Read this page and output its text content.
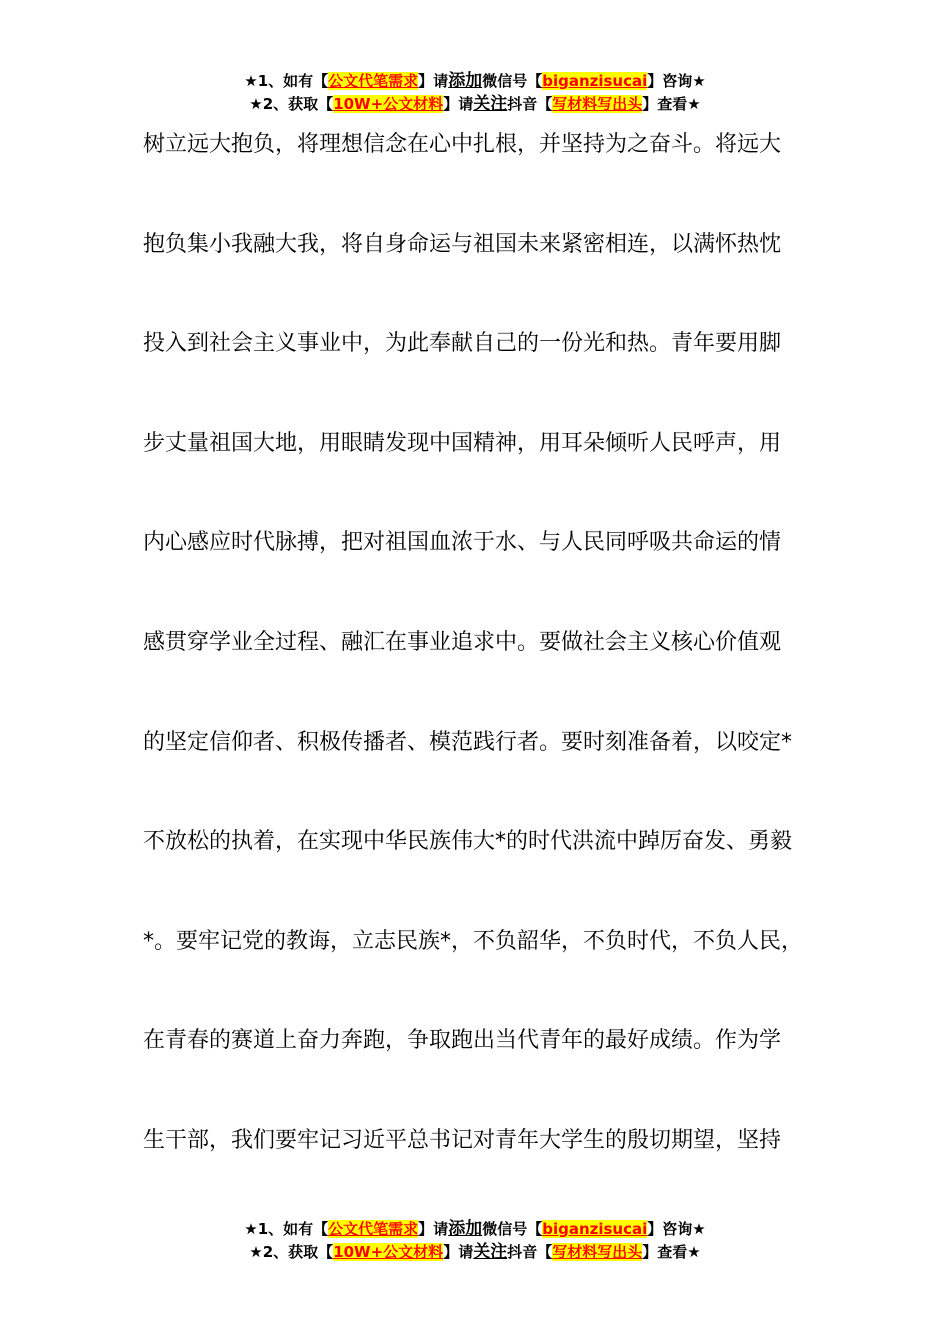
★1、如有【公文代笔需求】请添加微信号【biganzisucai】咨询★
★2、获取【10W+公文材料】请关注抖音【写材料写出头】查看★
树立远大抱负，将理想信念在心中扎根，并坚持为之奋斗。将远大
抱负集小我融大我，将自身命运与祖国未来紧密相连，以满怀热忱
投入到社会主义事业中，为此奉献自己的一份光和热。青年要用脚
步丈量祖国大地，用眼睛发现中国精神，用耳朵倾听人民呼声，用
内心感应时代脉搏，把对祖国血浓于水、与人民同呼吸共命运的情
感贯穿学业全过程、融汇在事业追求中。要做社会主义核心价值观
的坚定信仰者、积极传播者、模范践行者。要时刻准备着，以咬定*
不放松的执着，在实现中华民族伟大*的时代洪流中踔厉奋发、勇毅
*。要牢记党的教诲，立志民族*，不负韶华，不负时代，不负人民，
在青春的赛道上奋力奔跑，争取跑出当代青年的最好成绩。作为学
生干部，我们要牢记习近平总书记对青年大学生的殷切期望，坚持
★1、如有【公文代笔需求】请添加微信号【biganzisucai】咨询★
★2、获取【10W+公文材料】请关注抖音【写材料写出头】查看★
